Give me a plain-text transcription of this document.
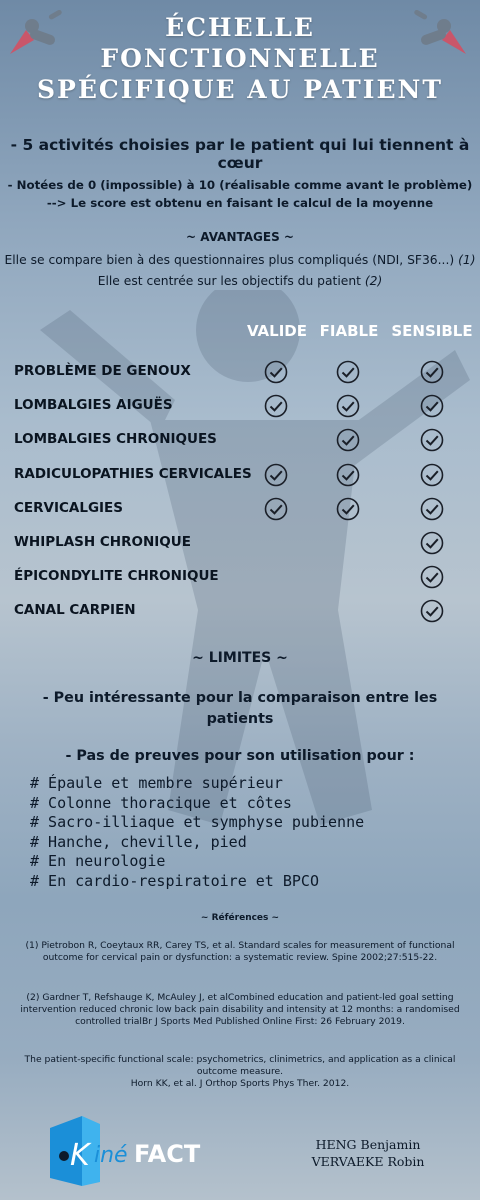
ÉCHELLE
FONCTIONNELLE
SPÉCIFIQUE AU PATIENT
- 5 activités choisies par le patient qui lui tiennent à cœur
- Notées de 0 (impossible) à 10 (réalisable comme avant le problème)
--> Le score est obtenu en faisant le calcul de la moyenne
~ AVANTAGES ~
Elle se compare bien à des questionnaires plus compliqués (NDI, SF36...) (1)
Elle est centrée sur les objectifs du patient (2)
VALIDE FIABLE SENSIBLE
PROBLÈME DE GENOUX
LOMBALGIES AIGUËS
LOMBALGIES CHRONIQUES
RADICULOPATHIES CERVICALES
CERVICALGIES
WHIPLASH CHRONIQUE
ÉPICONDYLITE CHRONIQUE
CANAL CARPIEN
~ LIMITES ~
- Peu intéressante pour la comparaison entre les patients
- Pas de preuves pour son utilisation pour :
# Épaule et membre supérieur
# Colonne thoracique et côtes
# Sacro-illiaque et symphyse pubienne
# Hanche, cheville, pied
# En neurologie
# En cardio-respiratoire et BPCO
~ Références ~
(1) Pietrobon R, Coeytaux RR, Carey TS, et al. Standard scales for measurement of functional outcome for cervical pain or dysfunction: a systematic review. Spine 2002;27:515-22.
(2) Gardner T, Refshauge K, McAuley J, et alCombined education and patient-led goal setting intervention reduced chronic low back pain disability and intensity at 12 months: a randomised controlled trialBr J Sports Med Published Online First: 26 February 2019.
The patient-specific functional scale: psychometrics, clinimetrics, and application as a clinical outcome measure.
Horn KK, et al. J Orthop Sports Phys Ther. 2012.
K iné FACT	HENG Benjamin
VERVAEKE Robin
